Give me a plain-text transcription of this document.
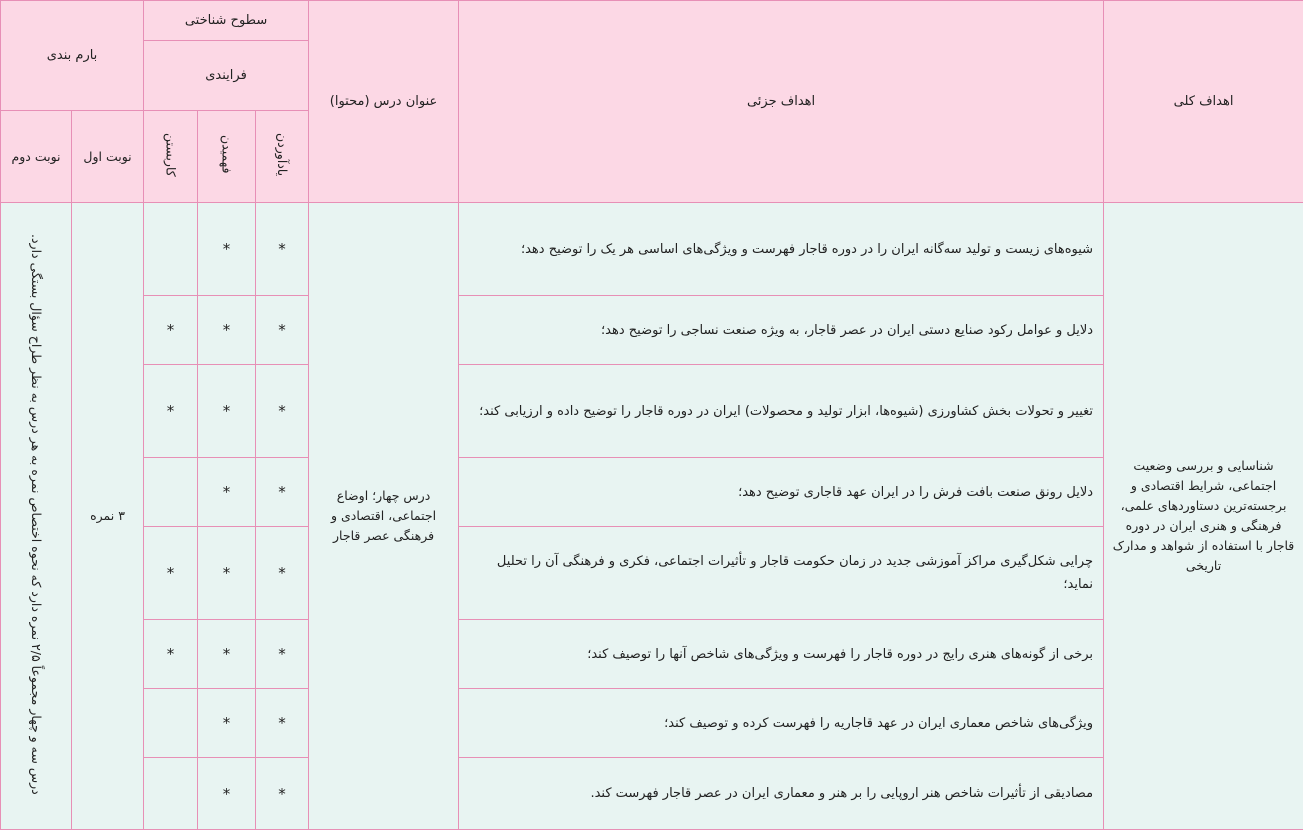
اهداف کلی	اهداف جزئی	عنوان درس (محتوا)	سطوح شناختی			بارم بندی	
			فرایندی				
			یادآوردن	فهمیدن	کاربستن	نوبت اول	نوبت دوم
شناسایی و بررسی وضعیت اجتماعی، شرایط اقتصادی و برجسته‌ترین دستاوردهای علمی، فرهنگی و هنری ایران در دوره قاجار با استفاده از شواهد و مدارک تاریخی	شیوه‌های زیست و تولید سه‌گانه ایران را در دوره قاجار فهرست و ویژگی‌های اساسی هر یک را توضیح دهد؛	درس چهار؛ اوضاع اجتماعی، اقتصادی و فرهنگی عصر قاجار	*	*		۳ نمره	درس سه و چهار مجموعاً ۲/۵ نمره دارد که نحوه اختصاص نمره به هر درس به نظر طراح سؤال بستگی دارد.
	دلایل و عوامل رکود صنایع دستی ایران در عصر قاجار، به ویژه صنعت نساجی را توضیح دهد؛		*	*	*		
	تغییر و تحولات بخش کشاورزی (شیوه‌ها، ابزار تولید و محصولات) ایران در دوره قاجار را توضیح داده و ارزیابی کند؛		*	*	*		
	دلایل رونق صنعت بافت فرش را در ایران عهد قاجاری توضیح دهد؛		*	*			
	چرایی شکل‌گیری مراکز آموزشی جدید در زمان حکومت قاجار و تأثیرات اجتماعی، فکری و فرهنگی آن را تحلیل نماید؛		*	*	*		
	برخی از گونه‌های هنری رایج در دوره قاجار را فهرست و ویژگی‌های شاخص آنها را توصیف کند؛		*	*	*		
	ویژگی‌های شاخص معماری ایران در عهد قاجاریه را فهرست کرده و توصیف کند؛		*	*			
	مصادیقی از تأثیرات شاخص هنر اروپایی را بر هنر و معماری ایران در عصر قاجار فهرست کند.		*	*			
